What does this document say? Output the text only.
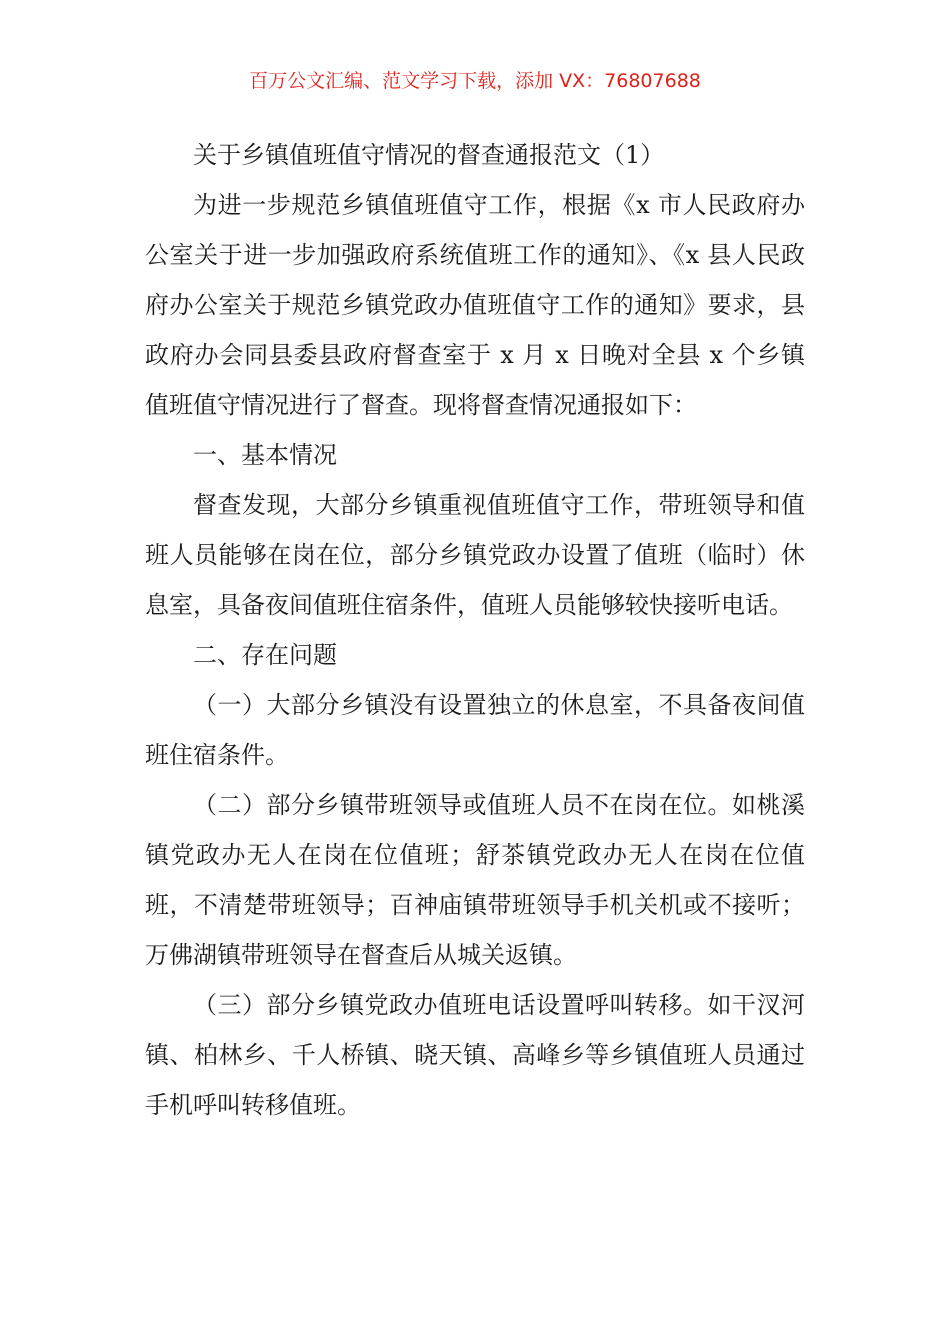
百万公文汇编、范文学习下载，添加 VX：76807688

关于乡镇值班值守情况的督查通报范文（1）

为进一步规范乡镇值班值守工作，根据《x 市人民政府办公室关于进一步加强政府系统值班工作的通知》、《x 县人民政府办公室关于规范乡镇党政办值班值守工作的通知》要求，县政府办会同县委县政府督查室于 x 月 x 日晚对全县 x 个乡镇值班值守情况进行了督查。现将督查情况通报如下：

一、基本情况

督查发现，大部分乡镇重视值班值守工作，带班领导和值班人员能够在岗在位，部分乡镇党政办设置了值班（临时）休息室，具备夜间值班住宿条件，值班人员能够较快接听电话。

二、存在问题

（一）大部分乡镇没有设置独立的休息室，不具备夜间值班住宿条件。

（二）部分乡镇带班领导或值班人员不在岗在位。如桃溪镇党政办无人在岗在位值班；舒茶镇党政办无人在岗在位值班，不清楚带班领导；百神庙镇带班领导手机关机或不接听；万佛湖镇带班领导在督查后从城关返镇。

（三）部分乡镇党政办值班电话设置呼叫转移。如干汊河镇、柏林乡、千人桥镇、晓天镇、高峰乡等乡镇值班人员通过手机呼叫转移值班。
